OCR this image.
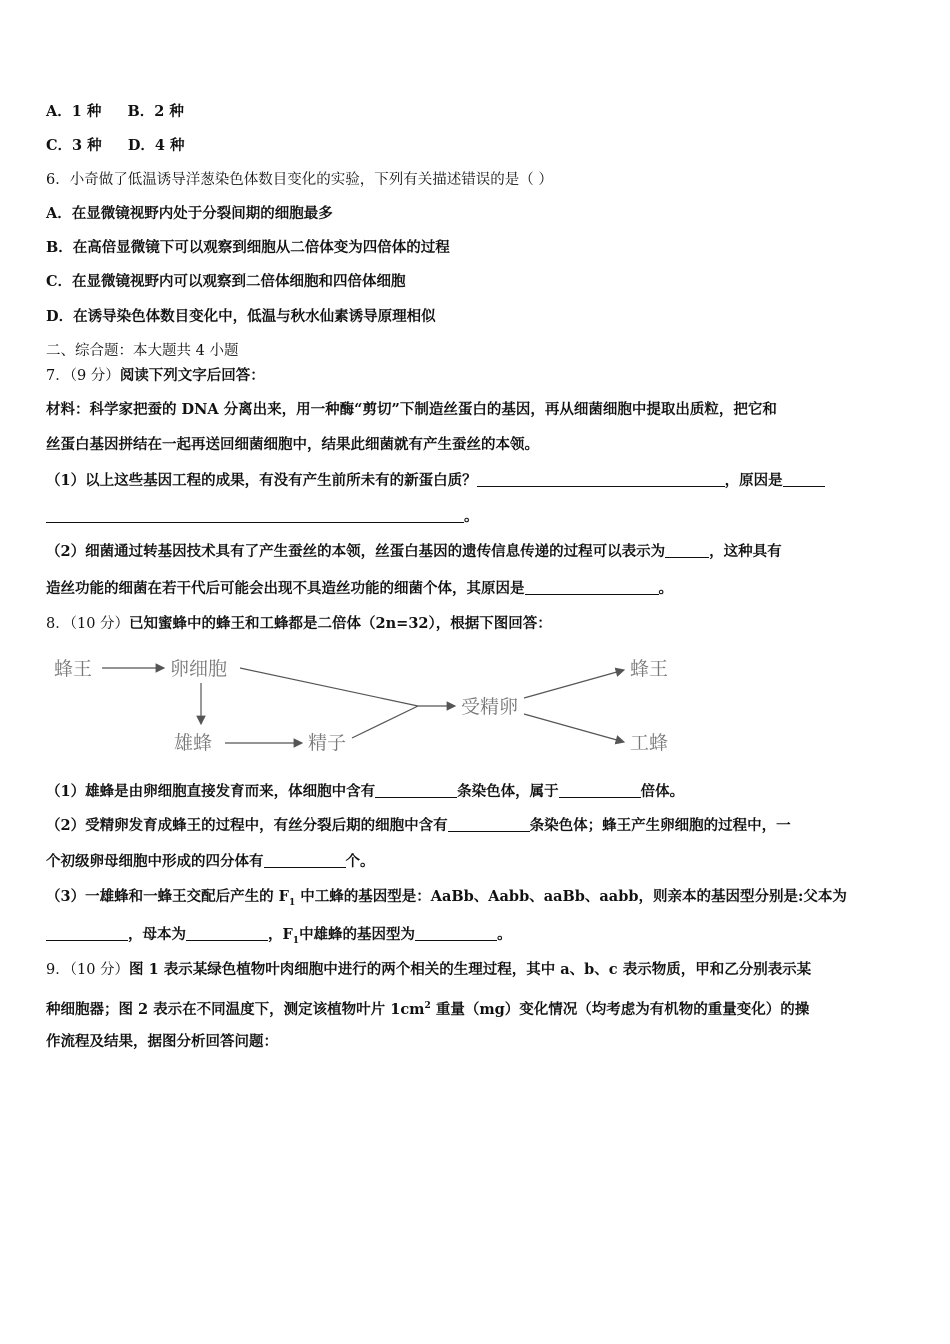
A．1 种 B．2 种
C．3 种 D．4 种
6．小奇做了低温诱导洋葱染色体数目变化的实验，下列有关描述错误的是（ ）
A．在显微镜视野内处于分裂间期的细胞最多
B．在高倍显微镜下可以观察到细胞从二倍体变为四倍体的过程
C．在显微镜视野内可以观察到二倍体细胞和四倍体细胞
D．在诱导染色体数目变化中，低温与秋水仙素诱导原理相似
二、综合题：本大题共 4 小题
7．（9 分）阅读下列文字后回答：
材料：科学家把蚕的 DNA 分离出来，用一种酶“剪切”下制造丝蛋白的基因，再从细菌细胞中提取出质粒，把它和
丝蛋白基因拼结在一起再送回细菌细胞中，结果此细菌就有产生蚕丝的本领。
（1）以上这些基因工程的成果，有没有产生前所未有的新蛋白质？	，原因是
。
（2）细菌通过转基因技术具有了产生蚕丝的本领，丝蛋白基因的遗传信息传递的过程可以表示为	，这种具有
造丝功能的细菌在若干代后可能会出现不具造丝功能的细菌个体，其原因是	。
8．（10 分）已知蜜蜂中的蜂王和工蜂都是二倍体（2n=32），根据下图回答：
蜂王	卵细胞
雄蜂	精子
受精卵
蜂王
工蜂
（1）雄蜂是由卵细胞直接发育而来，体细胞中含有	条染色体，属于	倍体。
（2）受精卵发育成蜂王的过程中，有丝分裂后期的细胞中含有	条染色体；蜂王产生卵细胞的过程中，一
个初级卵母细胞中形成的四分体有	个。
（3）一雄蜂和一蜂王交配后产生的 $F_1$ 中工蜂的基因型是：AaBb、Aabb、aaBb、aabb，则亲本的基因型分别是:父本为
，母本为	，$F_1$中雄蜂的基因型为	。
9．（10 分）图 1 表示某绿色植物叶肉细胞中进行的两个相关的生理过程，其中 a、b、c 表示物质，甲和乙分别表示某
种细胞器；图 2 表示在不同温度下，测定该植物叶片 $1cm^2$ 重量（mg）变化情况（均考虑为有机物的重量变化）的操
作流程及结果，据图分析回答问题：
